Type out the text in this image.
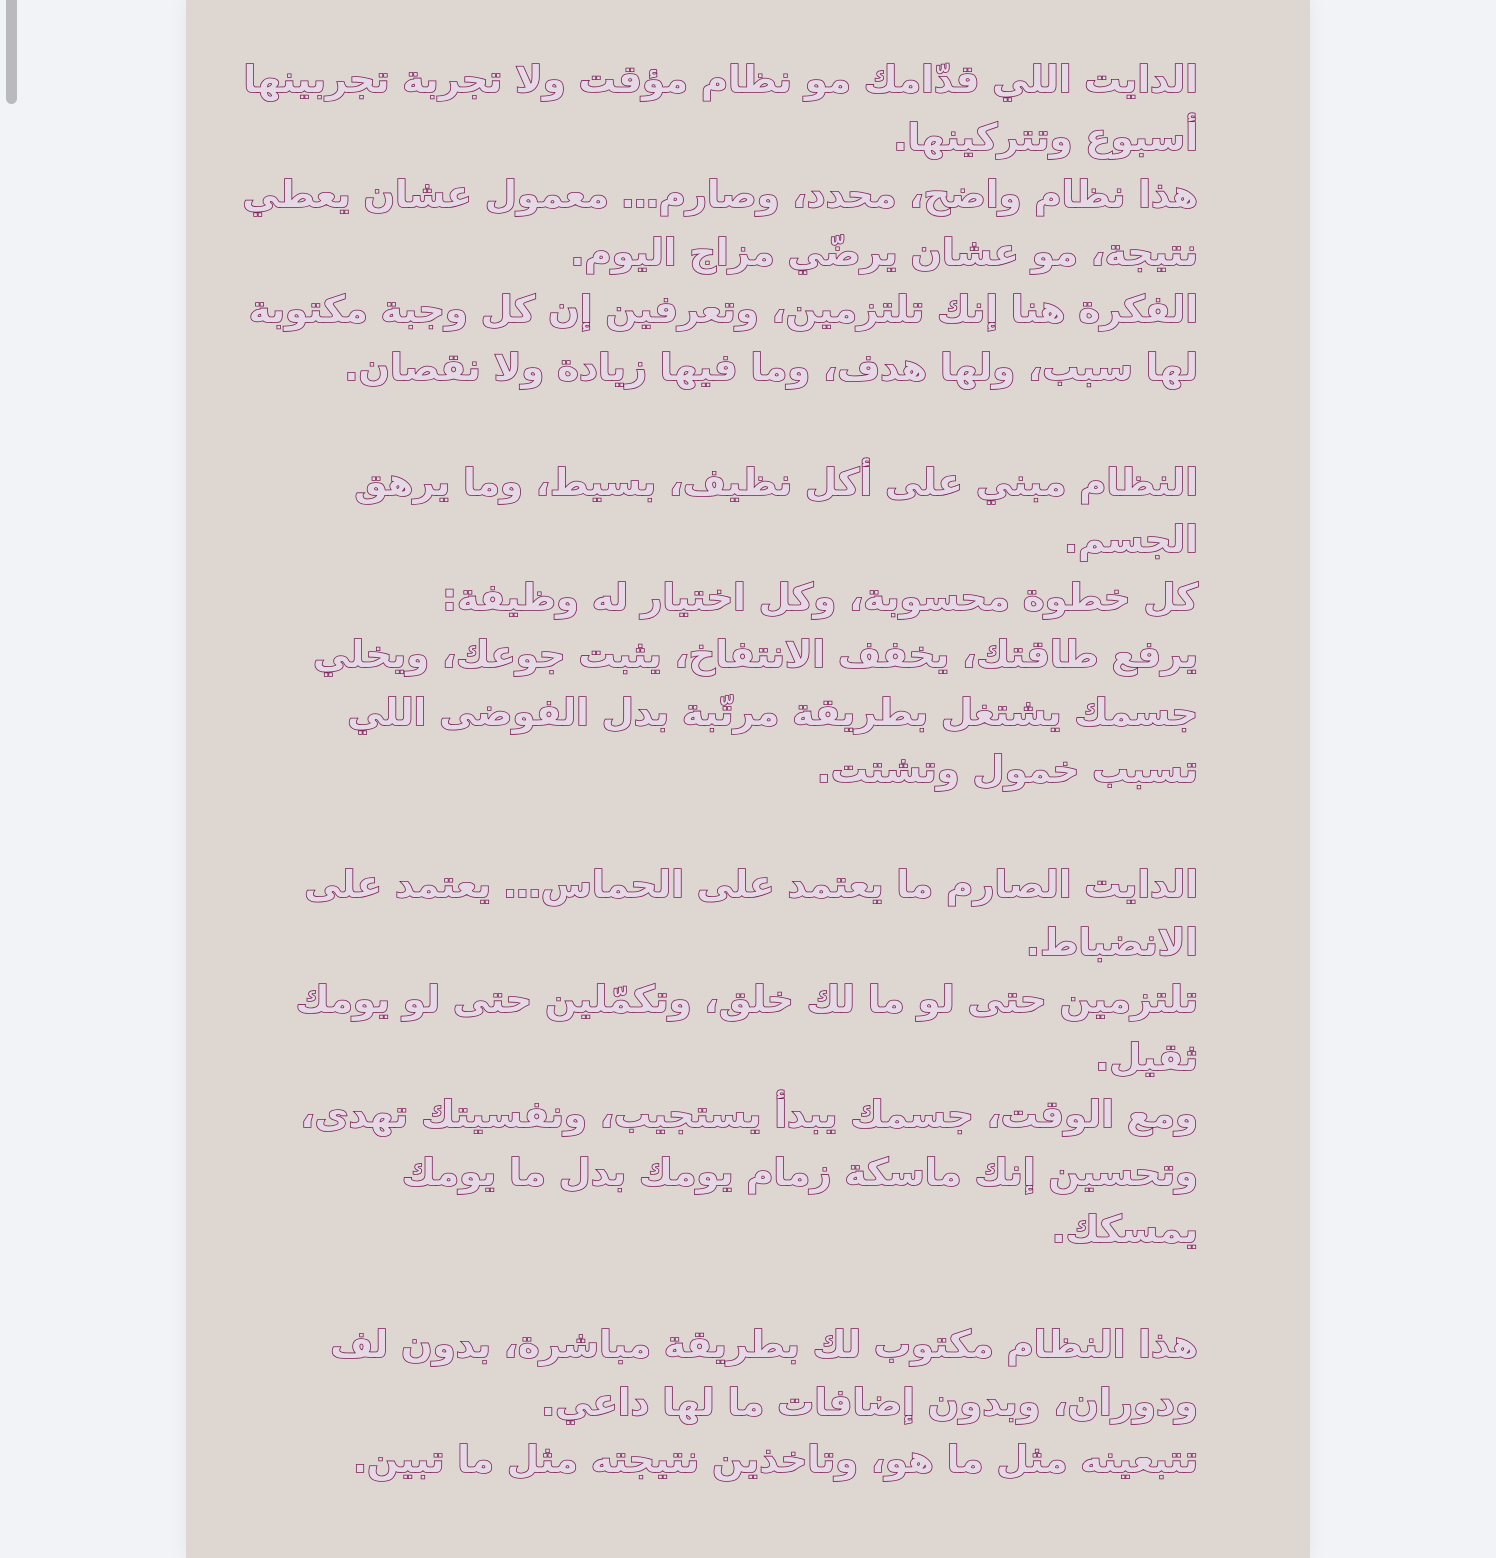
الدايت اللي قدّامك مو نظام مؤقت ولا تجربة تجربينها
أسبوع وتتركينها.
هذا نظام واضح، محدد، وصارم… معمول عشان يعطي
نتيجة، مو عشان يرضّي مزاج اليوم.
الفكرة هنا إنك تلتزمين، وتعرفين إن كل وجبة مكتوبة
لها سبب، ولها هدف، وما فيها زيادة ولا نقصان.

النظام مبني على أكل نظيف، بسيط، وما يرهق
الجسم.
كل خطوة محسوبة، وكل اختيار له وظيفة:
يرفع طاقتك، يخفف الانتفاخ، يثبت جوعك، ويخلي
جسمك يشتغل بطريقة مرتّبة بدل الفوضى اللي
تسبب خمول وتشتت.

الدايت الصارم ما يعتمد على الحماس… يعتمد على
الانضباط.
تلتزمين حتى لو ما لك خلق، وتكمّلين حتى لو يومك
ثقيل.
ومع الوقت، جسمك يبدأ يستجيب، ونفسيتك تهدى،
وتحسين إنك ماسكة زمام يومك بدل ما يومك
يمسكك.

هذا النظام مكتوب لك بطريقة مباشرة، بدون لف
ودوران، وبدون إضافات ما لها داعي.
تتبعينه مثل ما هو، وتاخذين نتيجته مثل ما تبين.
